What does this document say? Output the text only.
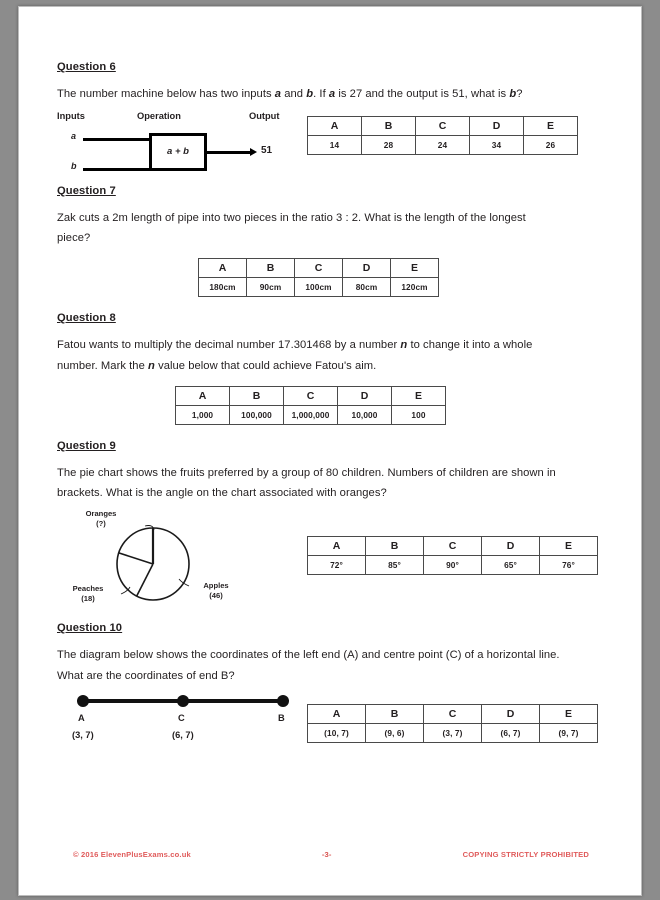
Question 6

The number machine below has two inputs a and b. If a is 27 and the output is 51, what is b?

Inputs	Operation	Output
a
b
a + b	51
A	B	C	D	E
14	28	24	34	26
Question 7

Zak cuts a 2m length of pipe into two pieces in the ratio 3 : 2. What is the length of the longest piece?

A	B	C	D	E
180cm	90cm	100cm	80cm	120cm
Question 8

Fatou wants to multiply the decimal number 17.301468 by a number n to change it into a whole number. Mark the n value below that could achieve Fatou's aim.

A	B	C	D	E
1,000	100,000	1,000,000	10,000	100
Question 9

The pie chart shows the fruits preferred by a group of 80 children. Numbers of children are shown in brackets. What is the angle on the chart associated with oranges?

Oranges
(?)
Apples
(46)
Peaches
(18)
A	B	C	D	E
72°	85°	90°	65°	76°
Question 10

The diagram below shows the coordinates of the left end (A) and centre point (C) of a horizontal line. What are the coordinates of end B?

A	C	B
(3, 7)	(6, 7)
A	B	C	D	E
(10, 7)	(9, 6)	(3, 7)	(6, 7)	(9, 7)
© 2016 ElevenPlusExams.co.uk	-3-	COPYING STRICTLY PROHIBITED
